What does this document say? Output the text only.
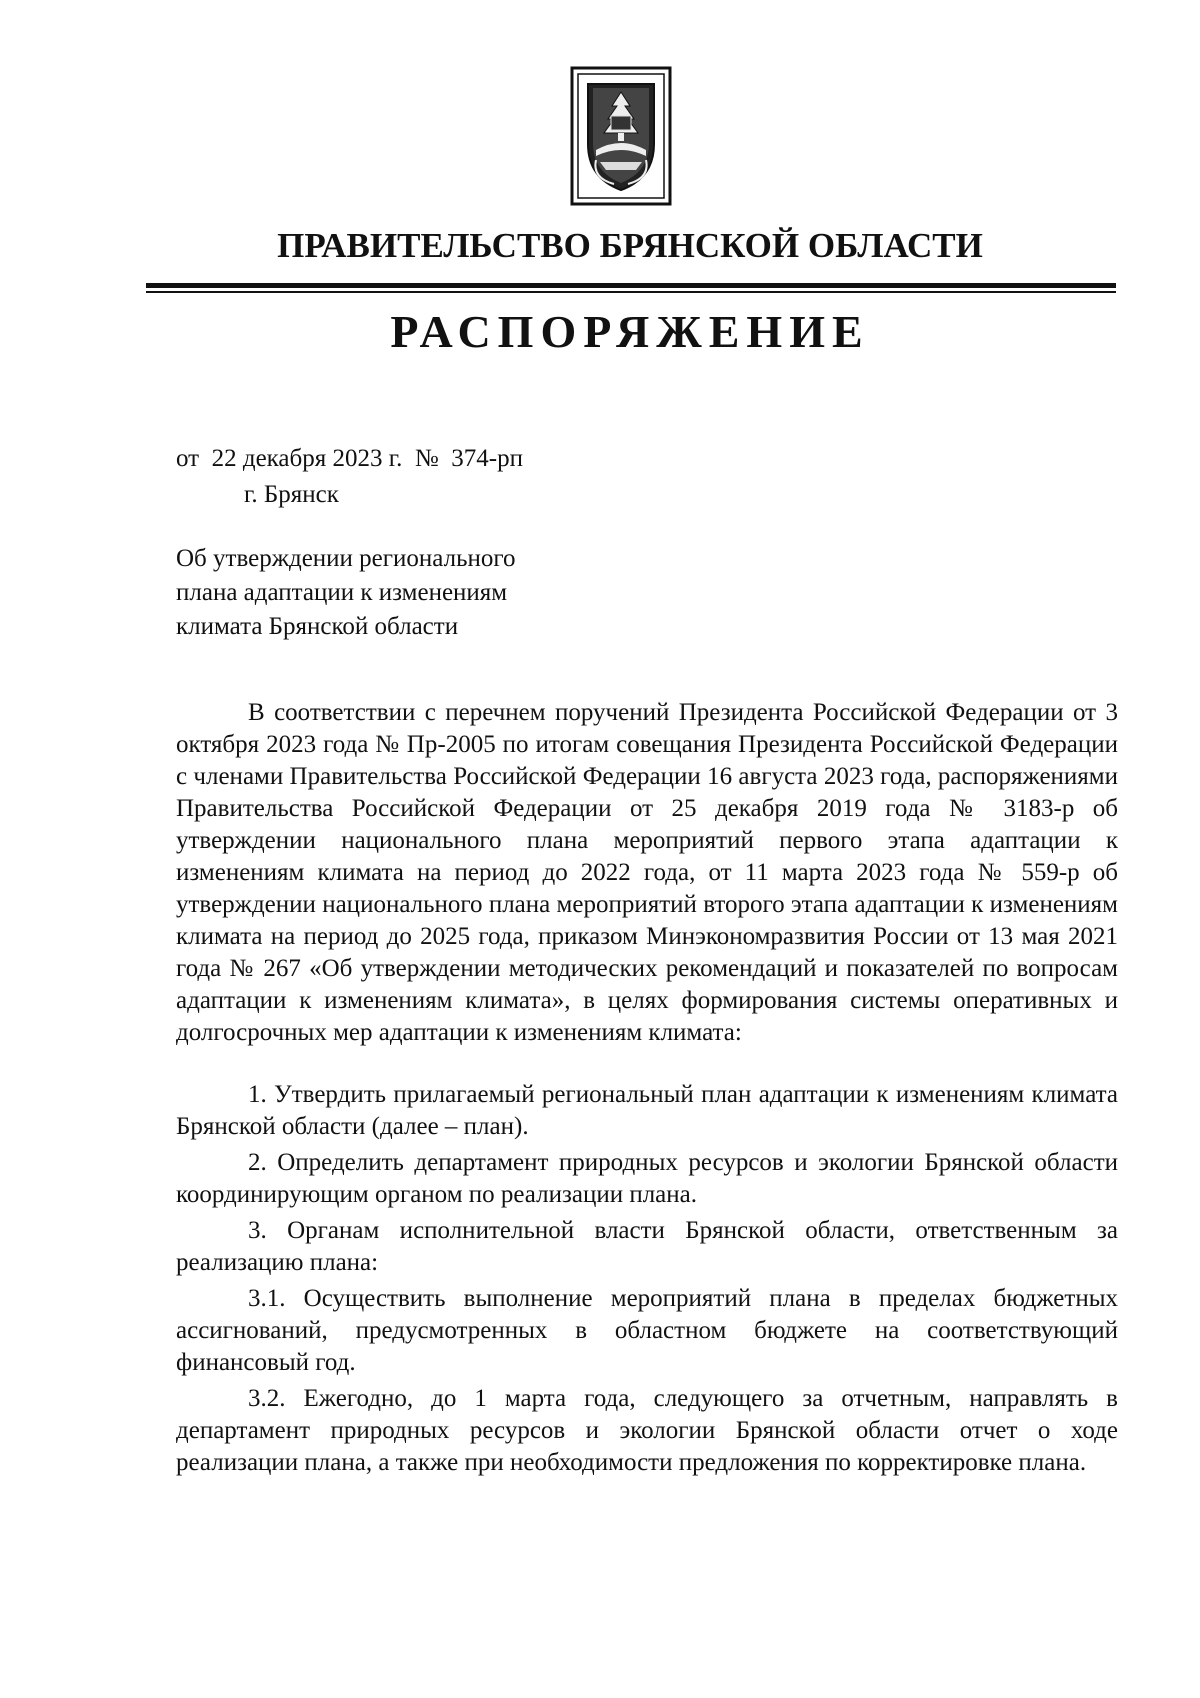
ПРАВИТЕЛЬСТВО БРЯНСКОЙ ОБЛАСТИ
РАСПОРЯЖЕНИЕ
от  22 декабря 2023 г.  №  374-рп
г. Брянск
Об утверждении регионального
плана адаптации к изменениям
климата Брянской области

В соответствии с перечнем поручений Президента Российской Федерации от 3 октября 2023 года № Пр-2005 по итогам совещания Президента Российской Федерации с членами Правительства Российской Федерации 16 августа 2023 года, распоряжениями Правительства Российской Федерации от 25 декабря 2019 года № 3183-р об утверждении национального плана мероприятий первого этапа адаптации к изменениям климата на период до 2022 года, от 11 марта 2023 года № 559-р об утверждении национального плана мероприятий второго этапа адаптации к изменениям климата на период до 2025 года, приказом Минэкономразвития России от 13 мая 2021 года № 267 «Об утверждении методических рекомендаций и показателей по вопросам адаптации к изменениям климата», в целях формирования системы оперативных и долгосрочных мер адаптации к изменениям климата:

1. Утвердить прилагаемый региональный план адаптации к изменениям климата Брянской области (далее – план).

2. Определить департамент природных ресурсов и экологии Брянской области координирующим органом по реализации плана.

3. Органам исполнительной власти Брянской области, ответственным за реализацию плана:

3.1. Осуществить выполнение мероприятий плана в пределах бюджетных ассигнований, предусмотренных в областном бюджете на соответствующий финансовый год.

3.2. Ежегодно, до 1 марта года, следующего за отчетным, направлять в департамент природных ресурсов и экологии Брянской области отчет о ходе реализации плана, а также при необходимости предложения по корректировке плана.
